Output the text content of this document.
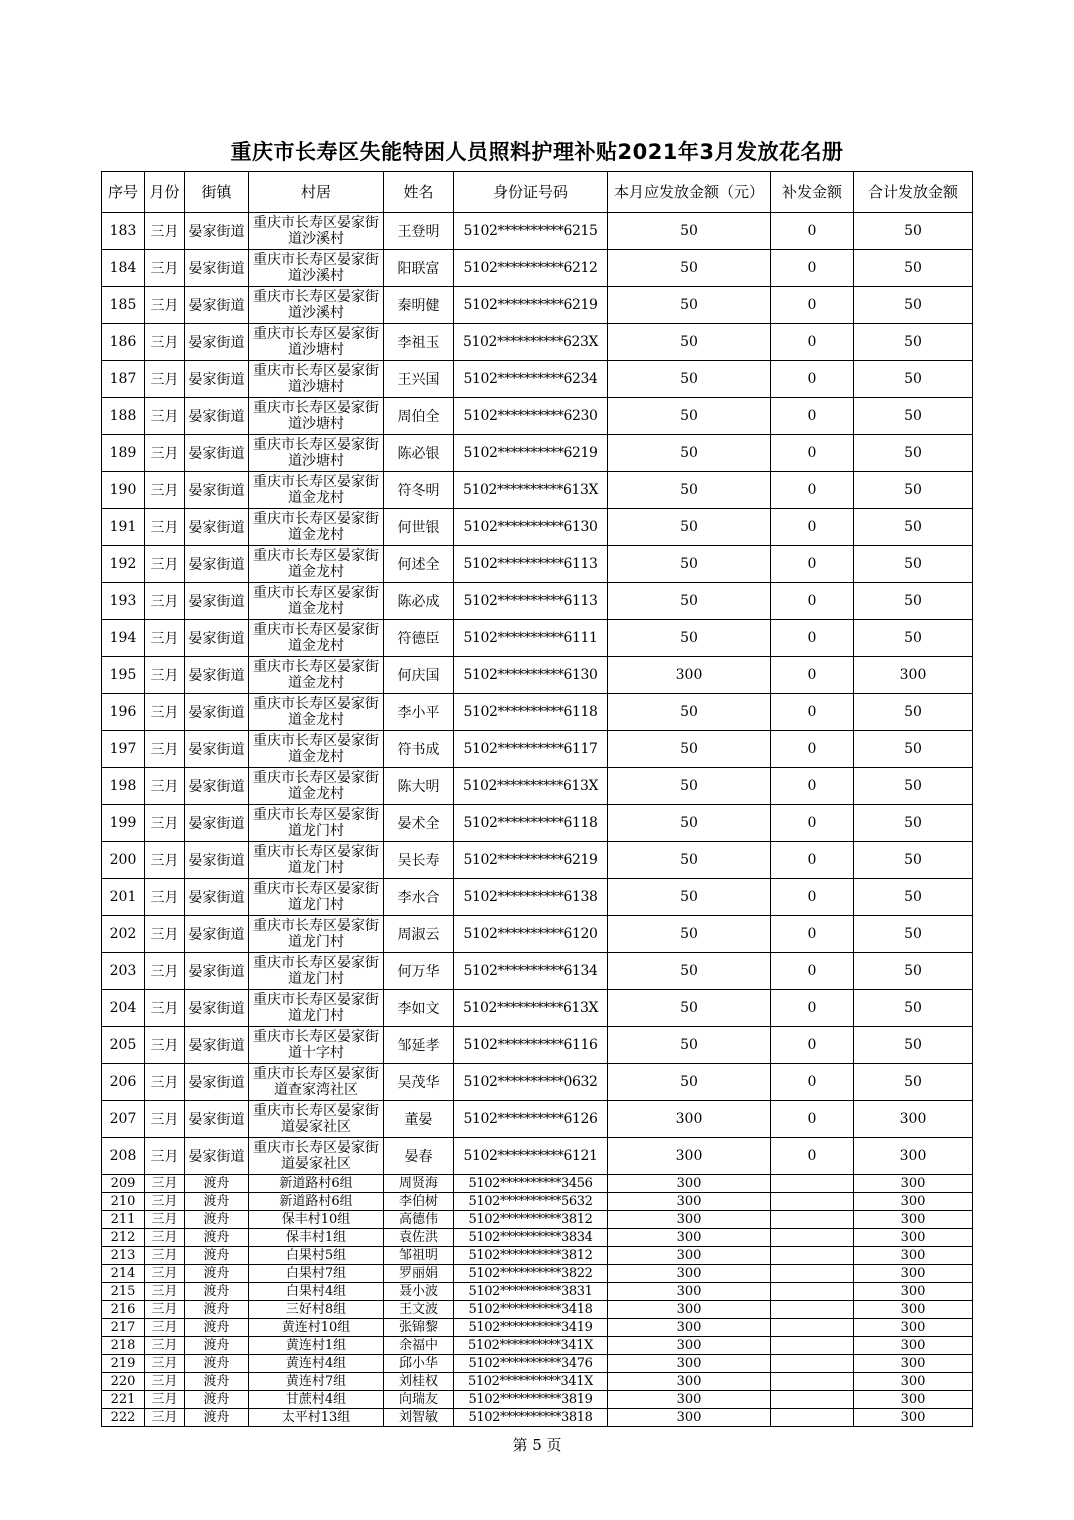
重庆市长寿区失能特困人员照料护理补贴2021年3月发放花名册
序号	月份	街镇	村居	姓名	身份证号码	本月应发放金额（元）	补发金额	合计发放金额
183	三月	晏家街道	重庆市长寿区晏家街道沙溪村	王登明	5102**********6215	50	0	50
184	三月	晏家街道	重庆市长寿区晏家街道沙溪村	阳联富	5102**********6212	50	0	50
185	三月	晏家街道	重庆市长寿区晏家街道沙溪村	秦明健	5102**********6219	50	0	50
186	三月	晏家街道	重庆市长寿区晏家街道沙塘村	李祖玉	5102**********623X	50	0	50
187	三月	晏家街道	重庆市长寿区晏家街道沙塘村	王兴国	5102**********6234	50	0	50
188	三月	晏家街道	重庆市长寿区晏家街道沙塘村	周伯全	5102**********6230	50	0	50
189	三月	晏家街道	重庆市长寿区晏家街道沙塘村	陈必银	5102**********6219	50	0	50
190	三月	晏家街道	重庆市长寿区晏家街道金龙村	符冬明	5102**********613X	50	0	50
191	三月	晏家街道	重庆市长寿区晏家街道金龙村	何世银	5102**********6130	50	0	50
192	三月	晏家街道	重庆市长寿区晏家街道金龙村	何述全	5102**********6113	50	0	50
193	三月	晏家街道	重庆市长寿区晏家街道金龙村	陈必成	5102**********6113	50	0	50
194	三月	晏家街道	重庆市长寿区晏家街道金龙村	符德臣	5102**********6111	50	0	50
195	三月	晏家街道	重庆市长寿区晏家街道金龙村	何庆国	5102**********6130	300	0	300
196	三月	晏家街道	重庆市长寿区晏家街道金龙村	李小平	5102**********6118	50	0	50
197	三月	晏家街道	重庆市长寿区晏家街道金龙村	符书成	5102**********6117	50	0	50
198	三月	晏家街道	重庆市长寿区晏家街道金龙村	陈大明	5102**********613X	50	0	50
199	三月	晏家街道	重庆市长寿区晏家街道龙门村	晏术全	5102**********6118	50	0	50
200	三月	晏家街道	重庆市长寿区晏家街道龙门村	吴长寿	5102**********6219	50	0	50
201	三月	晏家街道	重庆市长寿区晏家街道龙门村	李水合	5102**********6138	50	0	50
202	三月	晏家街道	重庆市长寿区晏家街道龙门村	周淑云	5102**********6120	50	0	50
203	三月	晏家街道	重庆市长寿区晏家街道龙门村	何万华	5102**********6134	50	0	50
204	三月	晏家街道	重庆市长寿区晏家街道龙门村	李如文	5102**********613X	50	0	50
205	三月	晏家街道	重庆市长寿区晏家街道十字村	邹延孝	5102**********6116	50	0	50
206	三月	晏家街道	重庆市长寿区晏家街道查家湾社区	吴茂华	5102**********0632	50	0	50
207	三月	晏家街道	重庆市长寿区晏家街道晏家社区	董晏	5102**********6126	300	0	300
208	三月	晏家街道	重庆市长寿区晏家街道晏家社区	晏春	5102**********6121	300	0	300
209	三月	渡舟	新道路村6组	周贤海	5102**********3456	300		300
210	三月	渡舟	新道路村6组	李伯树	5102**********5632	300		300
211	三月	渡舟	保丰村10组	高德伟	5102**********3812	300		300
212	三月	渡舟	保丰村1组	袁佐洪	5102**********3834	300		300
213	三月	渡舟	白果村5组	邹祖明	5102**********3812	300		300
214	三月	渡舟	白果村7组	罗丽娟	5102**********3822	300		300
215	三月	渡舟	白果村4组	聂小波	5102**********3831	300		300
216	三月	渡舟	三好村8组	王文波	5102**********3418	300		300
217	三月	渡舟	黄连村10组	张锦黎	5102**********3419	300		300
218	三月	渡舟	黄连村1组	余福中	5102**********341X	300		300
219	三月	渡舟	黄连村4组	邱小华	5102**********3476	300		300
220	三月	渡舟	黄连村7组	刘桂权	5102**********341X	300		300
221	三月	渡舟	甘蔗村4组	向瑞友	5102**********3819	300		300
222	三月	渡舟	太平村13组	刘智敏	5102**********3818	300		300
第 5 页
